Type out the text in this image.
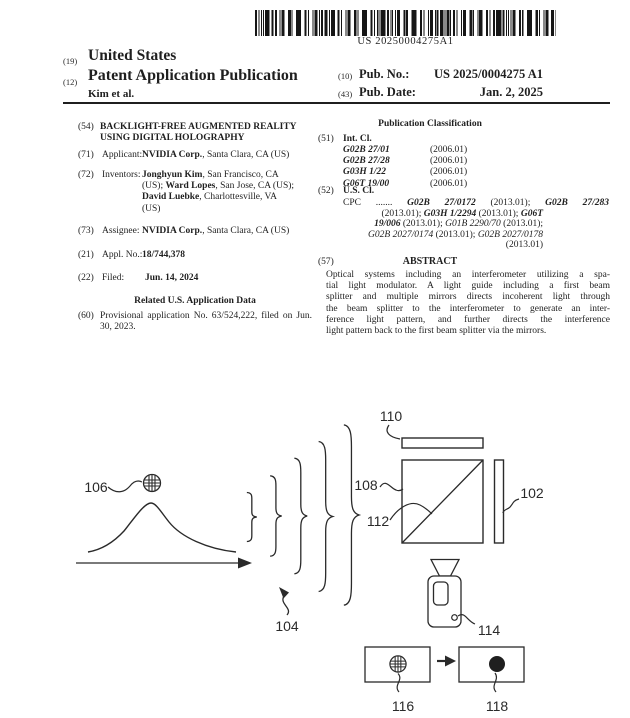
US 20250004275A1
(19) United States
(12) Patent Application Publication
Kim et al.
(10) Pub. No.:	US 2025/0004275 A1
(43) Pub. Date:	Jan. 2, 2025
(54) BACKLIGHT-FREE AUGMENTED REALITY
USING DIGITAL HOLOGRAPHY
(71) Applicant: NVIDIA Corp., Santa Clara, CA (US)
(72) Inventors: Jonghyun Kim, San Francisco, CA
(US); Ward Lopes, San Jose, CA (US);
David Luebke, Charlottesville, VA
(US)
(73) Assignee: NVIDIA Corp., Santa Clara, CA (US)
(21) Appl. No.: 18/744,378
(22) Filed: Jun. 14, 2024
Related U.S. Application Data
(60) Provisional application No. 63/524,222, filed on Jun.
30, 2023.
Publication Classification
(51) Int. Cl.
G02B 27/01	(2006.01)
G02B 27/28	(2006.01)
G03H 1/22	(2006.01)
G06T 19/00	(2006.01)
(52) U.S. Cl.
CPC ....... G02B 27/0172 (2013.01); G02B 27/283
(2013.01); G03H 1/2294 (2013.01); G06T
19/006 (2013.01); G01B 2290/70 (2013.01);
G02B 2027/0174 (2013.01); G02B 2027/0178
(2013.01)
(57)	ABSTRACT
Optical systems including an interferometer utilizing a spa-
tial light modulator. A light guide including a first beam
splitter and multiple mirrors directs incoherent light through
the beam splitter to the interferometer to generate an inter-
ference light pattern, and further directs the interference
light pattern back to the first beam splitter via the mirrors.
106
104
110
108
112
102
114
116	118
